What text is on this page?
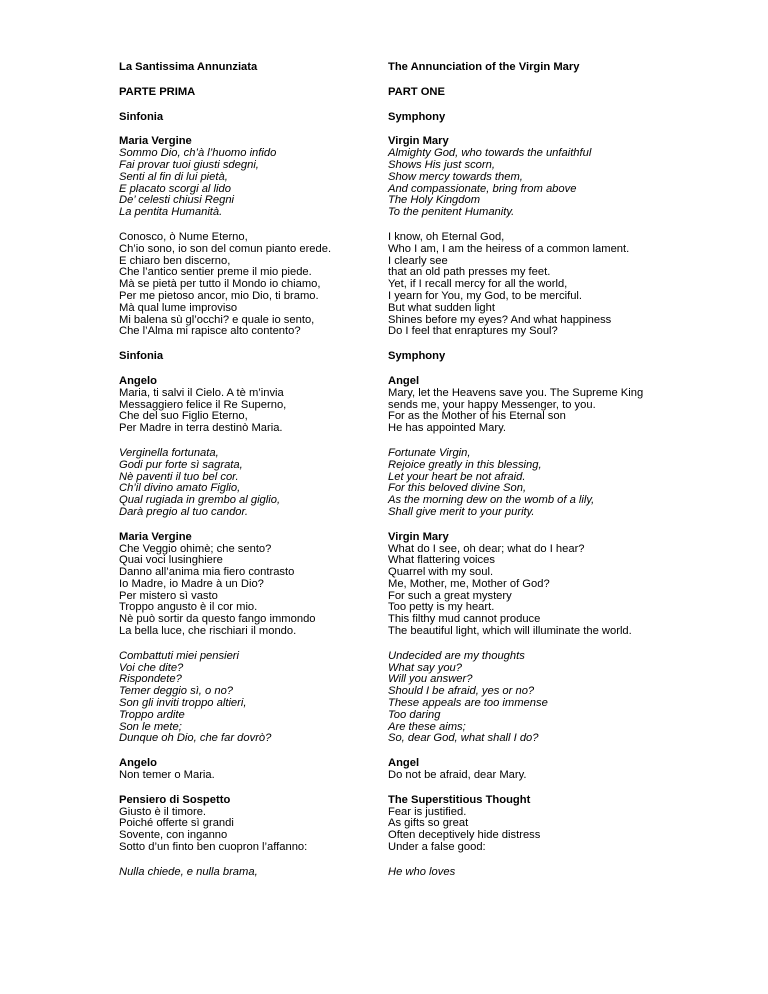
La Santissima Annunziata
PARTE PRIMA
Sinfonia
Maria Vergine
Sommo Dio, ch’à l’huomo infido
Fai provar tuoi giusti sdegni,
Senti al fin di lui pietà,
E placato scorgi al lido
De’ celesti chiusi Regni
La pentita Humanità.
Conosco, ò Nume Eterno,
Ch’io sono, io son del comun pianto erede.
E chiaro ben discerno,
Che l’antico sentier preme il mio piede.
Mà se pietà per tutto il Mondo io chiamo,
Per me pietoso ancor, mio Dio, ti bramo.
Mà qual lume improviso
Mi balena sù gl’occhi? e quale io sento,
Che l’Alma mi rapisce alto contento?
Sinfonia
Angelo
Maria, ti salvi il Cielo. A tè m’invia
Messaggiero felice il Re Superno,
Che del suo Figlio Eterno,
Per Madre in terra destinò Maria.
Verginella fortunata,
Godi pur forte sì sagrata,
Nè paventi il tuo bel cor.
Ch’il divino amato Figlio,
Qual rugiada in grembo al giglio,
Darà pregio al tuo candor.
Maria Vergine
Che Veggio ohimè; che sento?
Quai voci lusinghiere
Danno all’anima mia fiero contrasto
Io Madre, io Madre à un Dio?
Per mistero sì vasto
Troppo angusto è il cor mio.
Nè può sortir da questo fango immondo
La bella luce, che rischiari il mondo.
Combattuti miei pensieri
Voi che dite?
Rispondete?
Temer deggio sì, o no?
Son gli inviti troppo altieri,
Troppo ardite
Son le mete;
Dunque oh Dio, che far dovrò?
Angelo
Non temer o Maria.
Pensiero di Sospetto
Giusto è il timore.
Poiché offerte sì grandi
Sovente, con inganno
Sotto d’un finto ben cuopron l’affanno:
Nulla chiede, e nulla brama,
The Annunciation of the Virgin Mary
PART ONE
Symphony
Virgin Mary
Almighty God, who towards the unfaithful
Shows His just scorn,
Show mercy towards them,
And compassionate, bring from above
The Holy Kingdom
To the penitent Humanity.
I know, oh Eternal God,
Who I am, I am the heiress of a common lament.
I clearly see
that an old path presses my feet.
Yet, if I recall mercy for all the world,
I yearn for You, my God, to be merciful.
But what sudden light
Shines before my eyes? And what happiness
Do I feel that enraptures my Soul?
Symphony
Angel
Mary, let the Heavens save you. The Supreme King
sends me, your happy Messenger, to you.
For as the Mother of his Eternal son
He has appointed Mary.
Fortunate Virgin,
Rejoice greatly in this blessing,
Let your heart be not afraid.
For this beloved divine Son,
As the morning dew on the womb of a lily,
Shall give merit to your purity.
Virgin Mary
What do I see, oh dear; what do I hear?
What flattering voices
Quarrel with my soul.
Me, Mother, me, Mother of God?
For such a great mystery
Too petty is my heart.
This filthy mud cannot produce
The beautiful light, which will illuminate the world.
Undecided are my thoughts
What say you?
Will you answer?
Should I be afraid, yes or no?
These appeals are too immense
Too daring
Are these aims;
So, dear God, what shall I do?
Angel
Do not be afraid, dear Mary.
The Superstitious Thought
Fear is justified.
As gifts so great
Often deceptively hide distress
Under a false good:
He who loves
